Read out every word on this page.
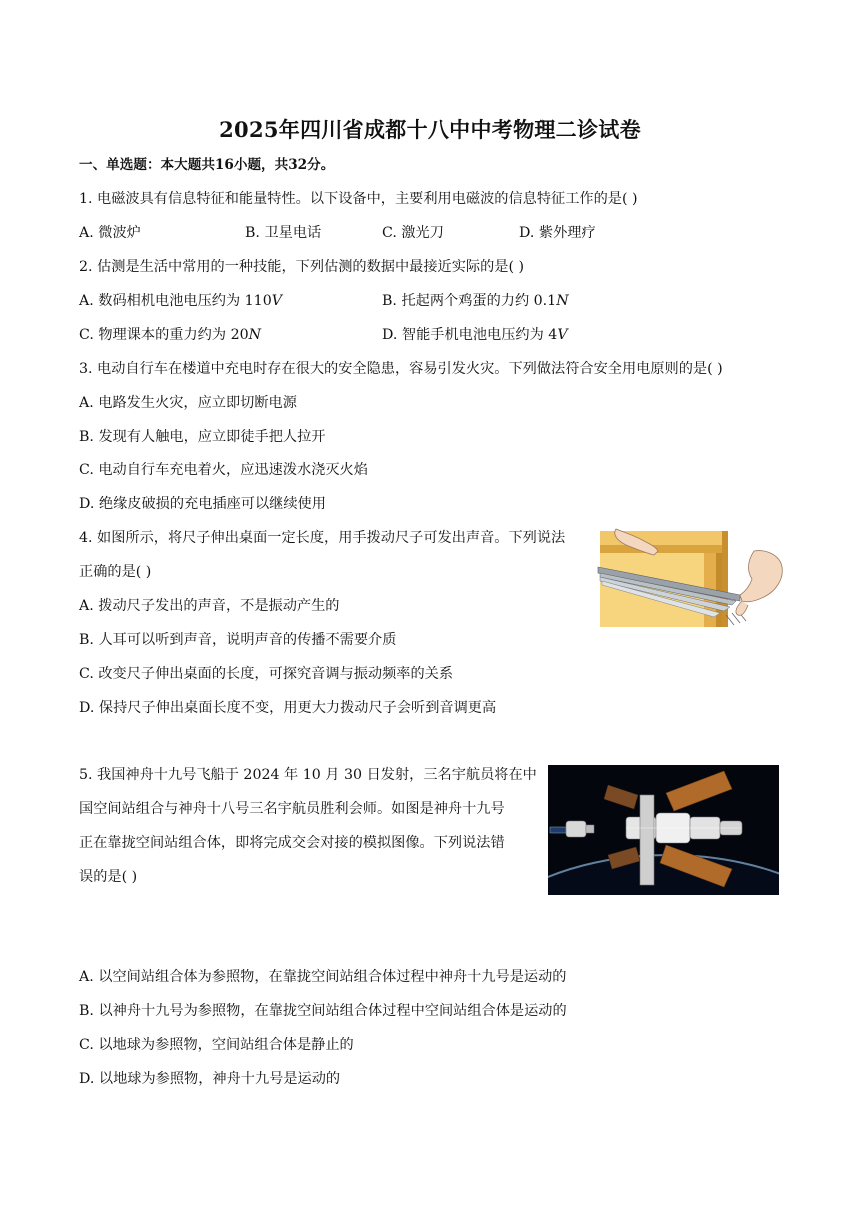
2025年四川省成都十八中中考物理二诊试卷
一、单选题：本大题共16小题，共32分。
1. 电磁波具有信息特征和能量特性。以下设备中，主要利用电磁波的信息特征工作的是( )
A. 微波炉	B. 卫星电话	C. 激光刀	D. 紫外理疗
2. 估测是生活中常用的一种技能，下列估测的数据中最接近实际的是( )
A. 数码相机电池电压约为 110V	B. 托起两个鸡蛋的力约 0.1N
C. 物理课本的重力约为 20N	D. 智能手机电池电压约为 4V
3. 电动自行车在楼道中充电时存在很大的安全隐患，容易引发火灾。下列做法符合安全用电原则的是( )
A. 电路发生火灾，应立即切断电源
B. 发现有人触电，应立即徒手把人拉开
C. 电动自行车充电着火，应迅速泼水浇灭火焰
D. 绝缘皮破损的充电插座可以继续使用
4. 如图所示，将尺子伸出桌面一定长度，用手拨动尺子可发出声音。下列说法
正确的是( )
A. 拨动尺子发出的声音，不是振动产生的
B. 人耳可以听到声音，说明声音的传播不需要介质
C. 改变尺子伸出桌面的长度，可探究音调与振动频率的关系
D. 保持尺子伸出桌面长度不变，用更大力拨动尺子会听到音调更高
5. 我国神舟十九号飞船于 2024 年 10 月 30 日发射，三名宇航员将在中
国空间站组合与神舟十八号三名宇航员胜利会师。如图是神舟十九号
正在靠拢空间站组合体，即将完成交会对接的模拟图像。下列说法错
误的是( )
A. 以空间站组合体为参照物，在靠拢空间站组合体过程中神舟十九号是运动的
B. 以神舟十九号为参照物，在靠拢空间站组合体过程中空间站组合体是运动的
C. 以地球为参照物，空间站组合体是静止的
D. 以地球为参照物，神舟十九号是运动的
